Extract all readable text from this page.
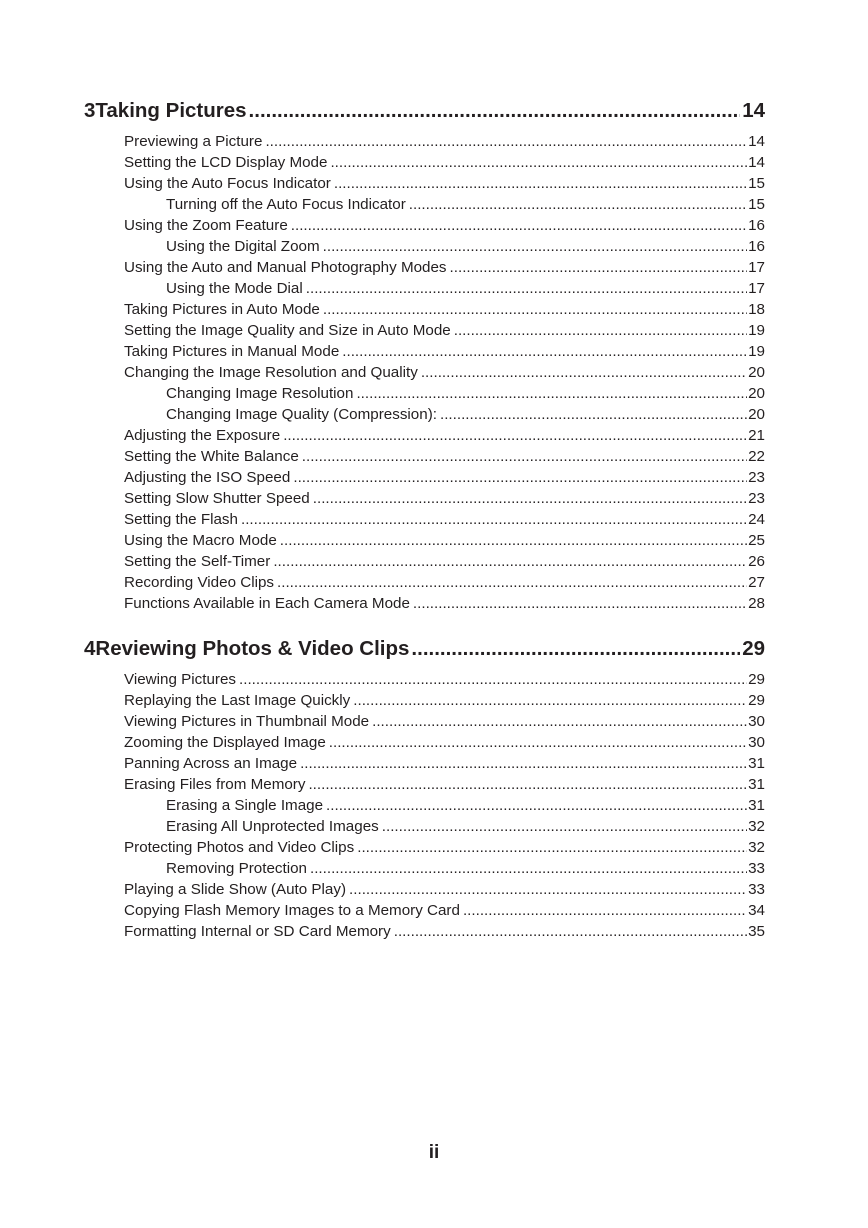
3 Taking Pictures .....	14
Previewing a Picture .....	14
Setting the LCD Display Mode .....	14
Using the Auto Focus Indicator .....	15
Turning off the Auto Focus Indicator .....	15
Using the Zoom Feature .....	16
Using the Digital Zoom .....	16
Using the Auto and Manual Photography Modes .....	17
Using the Mode Dial .....	17
Taking Pictures in Auto Mode .....	18
Setting the Image Quality and Size in Auto Mode .....	19
Taking Pictures in Manual Mode .....	19
Changing the Image Resolution and Quality .....	20
Changing Image Resolution .....	20
Changing Image Quality (Compression): .....	20
Adjusting the Exposure .....	21
Setting the White Balance .....	22
Adjusting the ISO Speed .....	23
Setting Slow Shutter Speed .....	23
Setting the Flash .....	24
Using the Macro Mode .....	25
Setting the Self-Timer .....	26
Recording Video Clips .....	27
Functions Available in Each Camera Mode .....	28
4 Reviewing Photos & Video Clips .....	29
Viewing Pictures .....	29
Replaying the Last Image Quickly .....	29
Viewing Pictures in Thumbnail Mode .....	30
Zooming the Displayed Image .....	30
Panning Across an Image .....	31
Erasing Files from Memory .....	31
Erasing a Single Image .....	31
Erasing All Unprotected Images .....	32
Protecting Photos and Video Clips .....	32
Removing Protection .....	33
Playing a Slide Show (Auto Play) .....	33
Copying Flash Memory Images to a Memory Card .....	34
Formatting Internal or SD Card Memory .....	35
ii
